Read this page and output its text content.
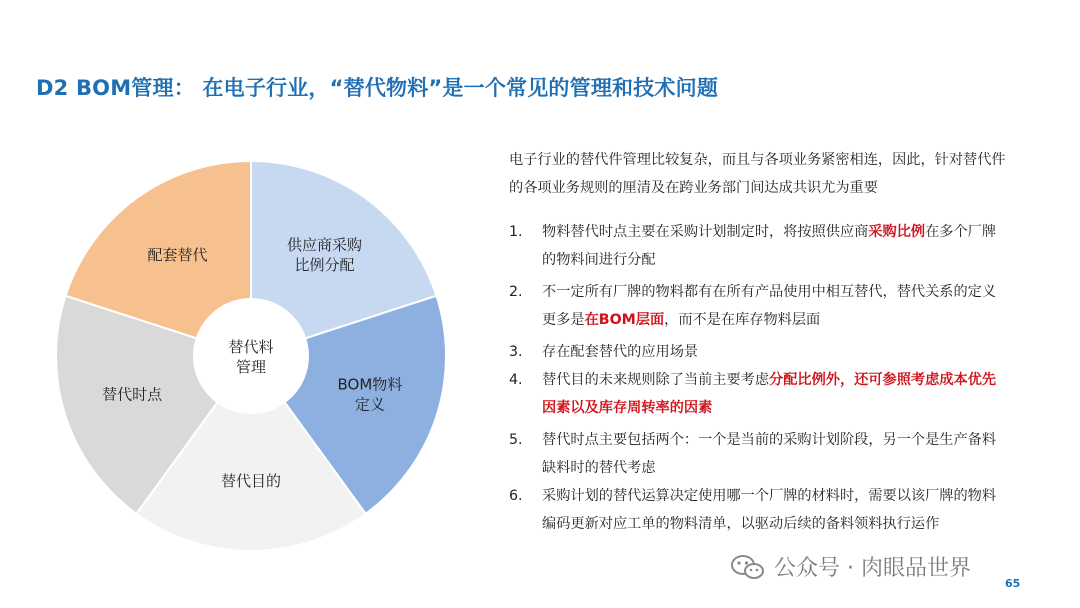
D2 BOM管理： 在电子行业，“替代物料”是一个常见的管理和技术问题
供应商采购比例分配
BOM物料定义
替代目的
替代时点
配套替代
替代料管理
电子行业的替代件管理比较复杂，而且与各项业务紧密相连，因此，针对替代件的各项业务规则的厘清及在跨业务部门间达成共识尤为重要
1. 物料替代时点主要在采购计划制定时，将按照供应商采购比例在多个厂牌的物料间进行分配
2. 不一定所有厂牌的物料都有在所有产品使用中相互替代，替代关系的定义更多是在BOM层面，而不是在库存物料层面
3. 存在配套替代的应用场景
4. 替代目的未来规则除了当前主要考虑分配比例外，还可参照考虑成本优先因素以及库存周转率的因素
5. 替代时点主要包括两个：一个是当前的采购计划阶段，另一个是生产备料缺料时的替代考虑
6. 采购计划的替代运算决定使用哪一个厂牌的材料时，需要以该厂牌的物料编码更新对应工单的物料清单，以驱动后续的备料领料执行运作
公众号 · 肉眼品世界
65
